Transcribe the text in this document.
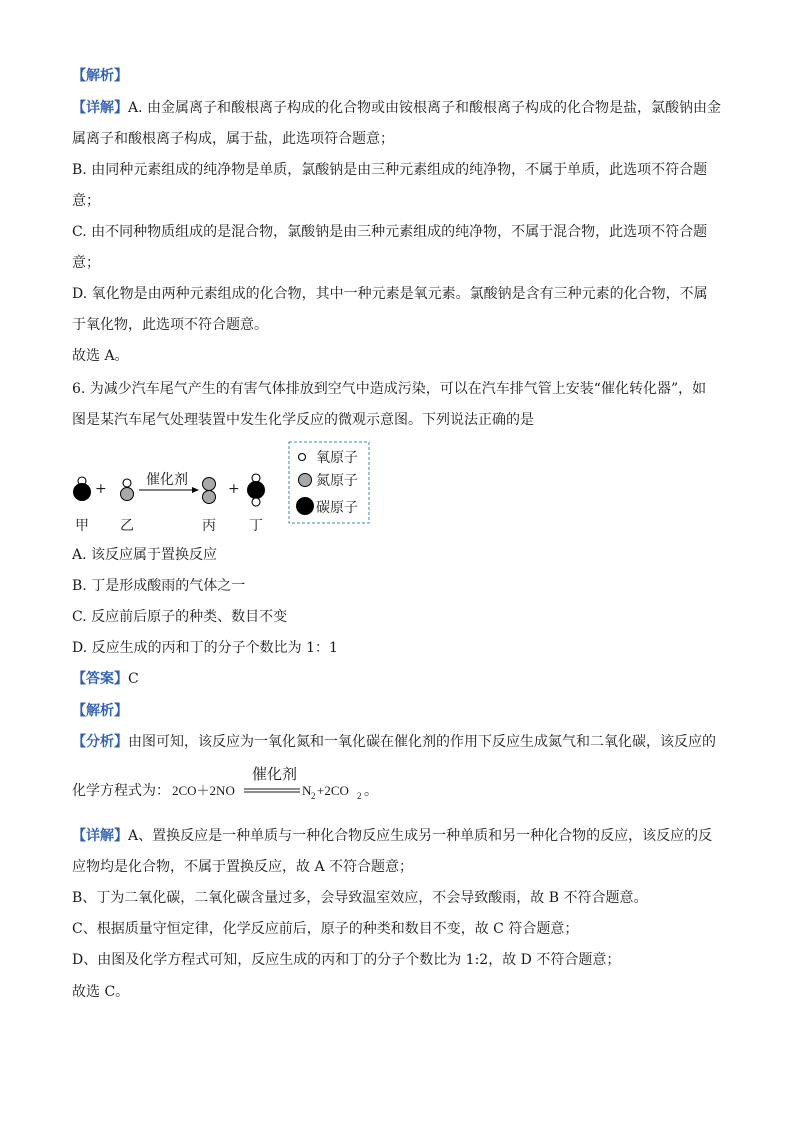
【解析】
【详解】A. 由金属离子和酸根离子构成的化合物或由铵根离子和酸根离子构成的化合物是盐，氯酸钠由金
属离子和酸根离子构成，属于盐，此选项符合题意；
B. 由同种元素组成的纯净物是单质，氯酸钠是由三种元素组成的纯净物，不属于单质，此选项不符合题
意；
C. 由不同种物质组成的是混合物，氯酸钠是由三种元素组成的纯净物，不属于混合物，此选项不符合题
意；
D. 氧化物是由两种元素组成的化合物，其中一种元素是氧元素。氯酸钠是含有三种元素的化合物，不属
于氧化物，此选项不符合题意。
故选 A。
6. 为减少汽车尾气产生的有害气体排放到空气中造成污染，可以在汽车排气管上安装“催化转化器”，如
图是某汽车尾气处理装置中发生化学反应的微观示意图。下列说法正确的是
+
催化剂
+
甲 乙	丙 丁
氧原子
氮原子
碳原子
A. 该反应属于置换反应
B. 丁是形成酸雨的气体之一
C. 反应前后原子的种类、数目不变
D. 反应生成的丙和丁的分子个数比为 1：1
【答案】C
【解析】
【分析】由图可知，该反应为一氧化氮和一氧化碳在催化剂的作用下反应生成氮气和二氧化碳，该反应的
化学方程式为： 2CO＋2NO
催化剂
N 2 +2CO 2 。
【详解】A、置换反应是一种单质与一种化合物反应生成另一种单质和另一种化合物的反应，该反应的反
应物均是化合物，不属于置换反应，故 A 不符合题意；
B、丁为二氧化碳，二氧化碳含量过多，会导致温室效应，不会导致酸雨，故 B 不符合题意。
C、根据质量守恒定律，化学反应前后，原子的种类和数目不变，故 C 符合题意；
D、由图及化学方程式可知，反应生成的丙和丁的分子个数比为 1:2，故 D 不符合题意；
故选 C。
